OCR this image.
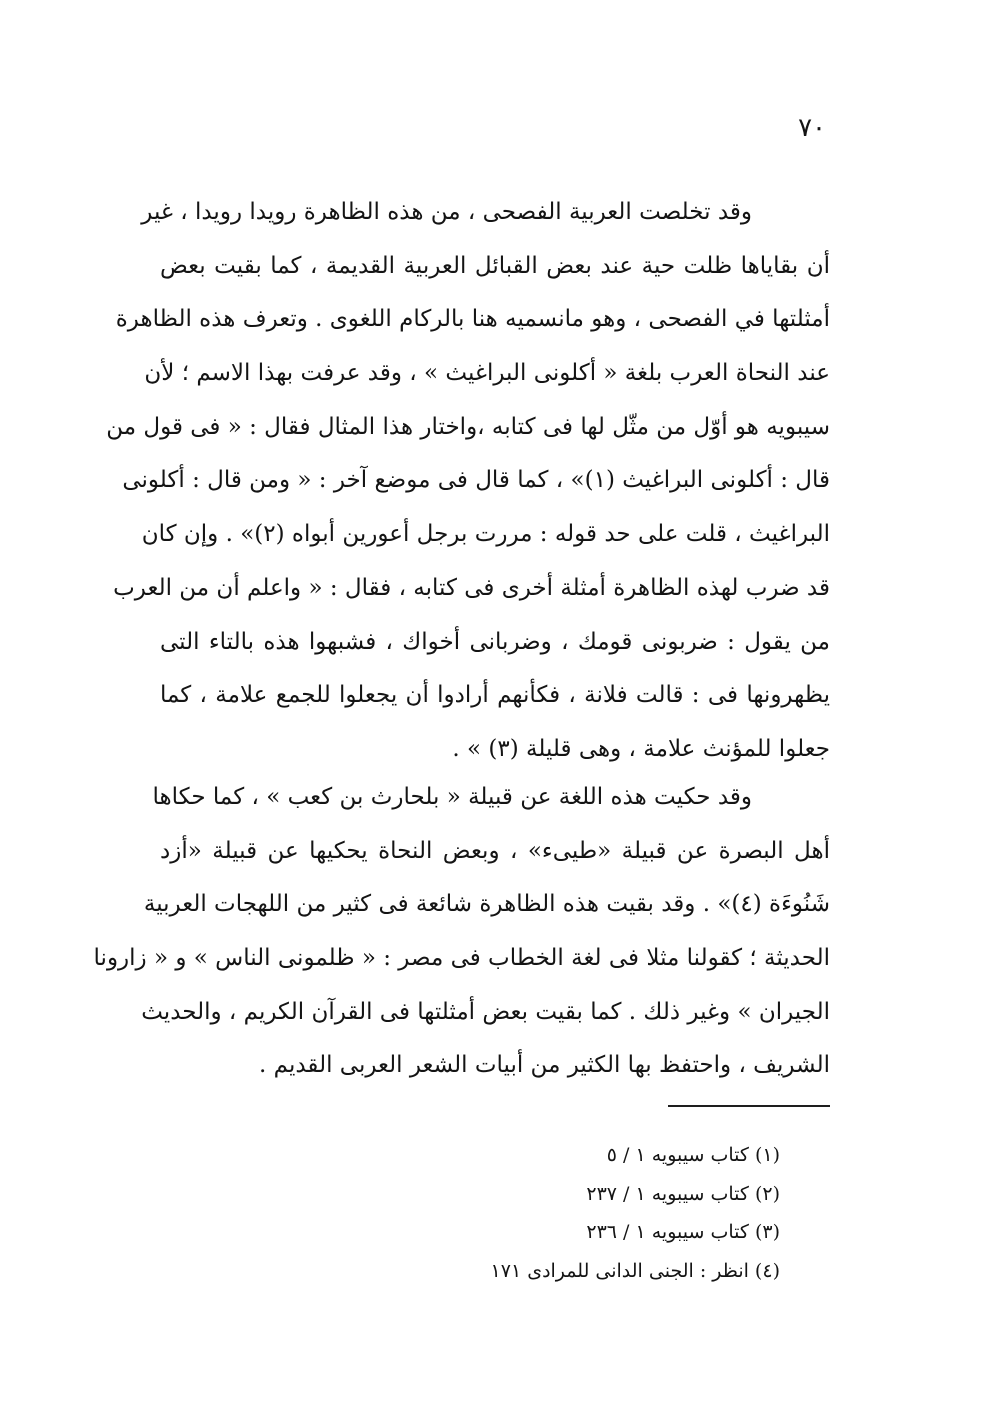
٧٠
وقد تخلصت العربية الفصحى ، من هذه الظاهرة رويدا رويدا ، غير
أن بقاياها ظلت حية عند بعض القبائل العربية القديمة ، كما بقيت بعض
أمثلتها في الفصحى ، وهو مانسميه هنا بالركام اللغوى . وتعرف هذه الظاهرة
عند النحاة العرب بلغة « أكلونى البراغيث » ، وقد عرفت بهذا الاسم ؛ لأن
سيبويه هو أوّل من مثّل لها فى كتابه ،واختار هذا المثال فقال : « فى قول من
قال : أكلونى البراغيث (١)» ، كما قال فى موضع آخر : « ومن قال : أكلونى
البراغيث ، قلت على حد قوله : مررت برجل أعورين أبواه (٢)» . وإن كان
قد ضرب لهذه الظاهرة أمثلة أخرى فى كتابه ، فقال : « واعلم أن من العرب
من يقول : ضربونى قومك ، وضربانى أخواك ، فشبهوا هذه بالتاء التى
يظهرونها فى : قالت فلانة ، فكأنهم أرادوا أن يجعلوا للجمع علامة ، كما
جعلوا للمؤنث علامة ، وهى قليلة (٣) » .
وقد حكيت هذه اللغة عن قبيلة « بلحارث بن كعب » ، كما حكاها
أهل البصرة عن قبيلة «طيىء» ، وبعض النحاة يحكيها عن قبيلة «أزد
شَنُوءَة (٤)» . وقد بقيت هذه الظاهرة شائعة فى كثير من اللهجات العربية
الحديثة ؛ كقولنا مثلا فى لغة الخطاب فى مصر : « ظلمونى الناس » و « زارونا
الجيران » وغير ذلك . كما بقيت بعض أمثلتها فى القرآن الكريم ، والحديث
الشريف ، واحتفظ بها الكثير من أبيات الشعر العربى القديم .
(١) كتاب سيبويه ١ / ٥
(٢) كتاب سيبويه ١ / ٢٣٧
(٣) كتاب سيبويه ١ / ٢٣٦
(٤) انظر : الجنى الدانى للمرادى ١٧١
